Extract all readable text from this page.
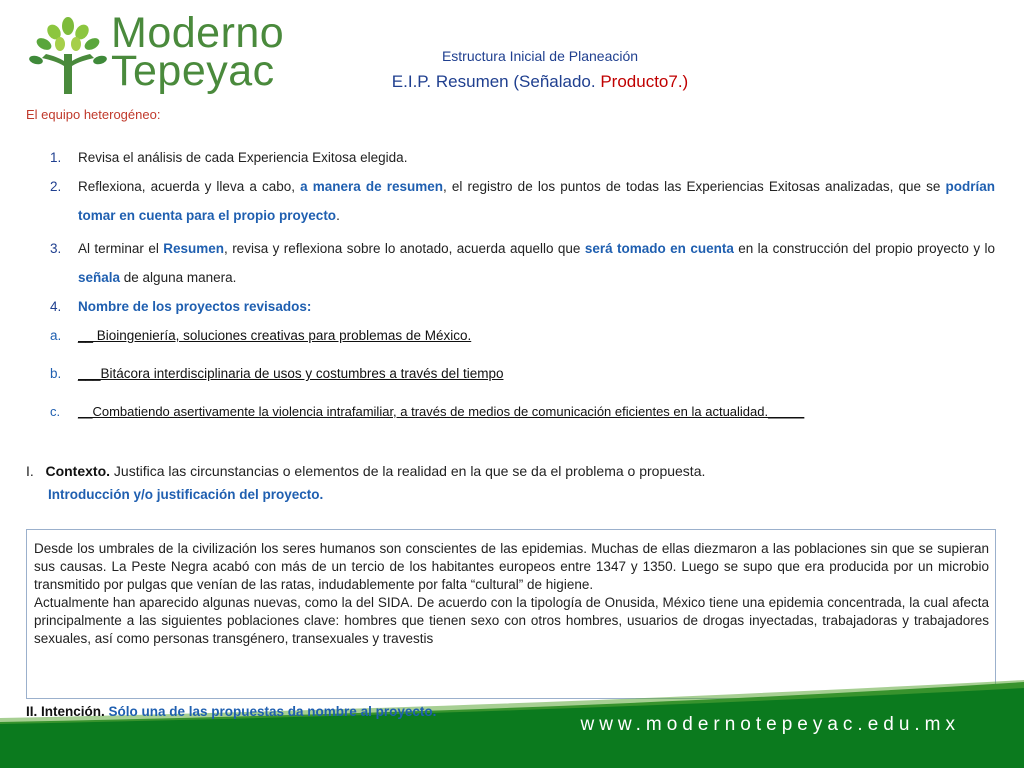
Moderno
Tepeyac	Estructura Inicial de Planeación
E.I.P. Resumen (Señalado. Producto7.)
El equipo heterogéneo:
1. Revisa el análisis de cada Experiencia Exitosa elegida.
2. Reflexiona, acuerda y lleva a cabo, a manera de resumen, el registro de los puntos de todas las Experiencias Exitosas analizadas, que se podrían tomar en cuenta para el propio proyecto.
3. Al terminar el Resumen, revisa y reflexiona sobre lo anotado, acuerda aquello que será tomado en cuenta en la construcción del propio proyecto y lo señala de alguna manera.
4. Nombre de los proyectos revisados:
a. __ Bioingeniería, soluciones creativas para problemas de México.
b. ___Bitácora interdisciplinaria de usos y costumbres a través del tiempo
c. __Combatiendo asertivamente la violencia intrafamiliar, a través de medios de comunicación eficientes en la actualidad._____
I. Contexto. Justifica las circunstancias o elementos de la realidad en la que se da el problema o propuesta.
Introducción y/o justificación del proyecto.

Desde los umbrales de la civilización los seres humanos son conscientes de las epidemias. Muchas de ellas diezmaron a las poblaciones sin que se supieran sus causas. La Peste Negra acabó con más de un tercio de los habitantes europeos entre 1347 y 1350. Luego se supo que era producida por un microbio transmitido por pulgas que venían de las ratas, indudablemente por falta “cultural” de higiene.

Actualmente han aparecido algunas nuevas, como la del SIDA. De acuerdo con la tipología de Onusida, México tiene una epidemia concentrada, la cual afecta principalmente a las siguientes poblaciones clave: hombres que tienen sexo con otros hombres, usuarios de drogas inyectadas, trabajadoras y trabajadores sexuales, así como personas transgénero, transexuales y travestis

II. Intención. Sólo una de las propuestas da nombre al proyecto.
www.modernotepeyac.edu.mx
